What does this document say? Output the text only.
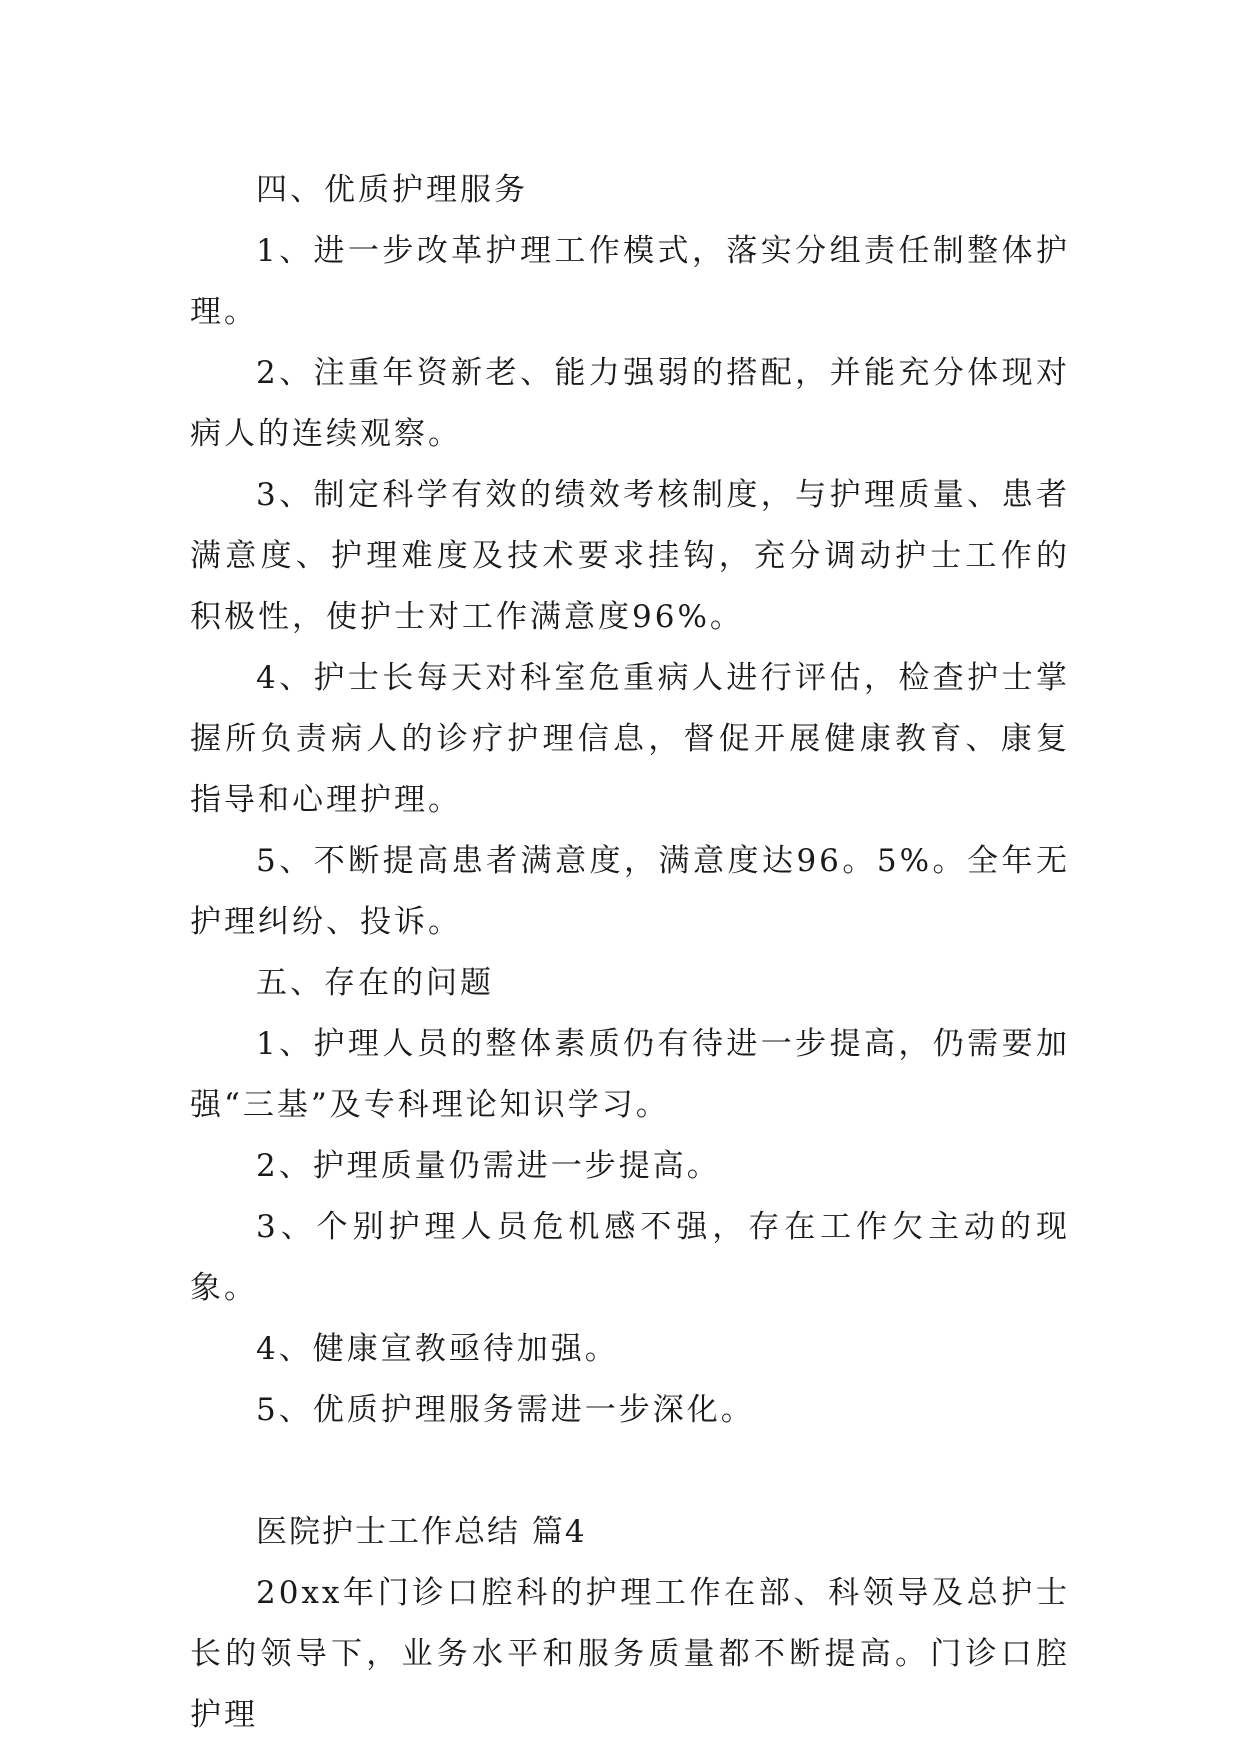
四、优质护理服务

1、进一步改革护理工作模式，落实分组责任制整体护理。

2、注重年资新老、能力强弱的搭配，并能充分体现对病人的连续观察。

3、制定科学有效的绩效考核制度，与护理质量、患者满意度、护理难度及技术要求挂钩，充分调动护士工作的积极性，使护士对工作满意度96%。

4、护士长每天对科室危重病人进行评估，检查护士掌握所负责病人的诊疗护理信息，督促开展健康教育、康复指导和心理护理。

5、不断提高患者满意度，满意度达96。5%。全年无护理纠纷、投诉。

五、存在的问题

1、护理人员的整体素质仍有待进一步提高，仍需要加强“三基”及专科理论知识学习。

2、护理质量仍需进一步提高。

3、个别护理人员危机感不强，存在工作欠主动的现象。

4、健康宣教亟待加强。

5、优质护理服务需进一步深化。

医院护士工作总结 篇4

20xx年门诊口腔科的护理工作在部、科领导及总护士长的领导下，业务水平和服务质量都不断提高。门诊口腔护理
